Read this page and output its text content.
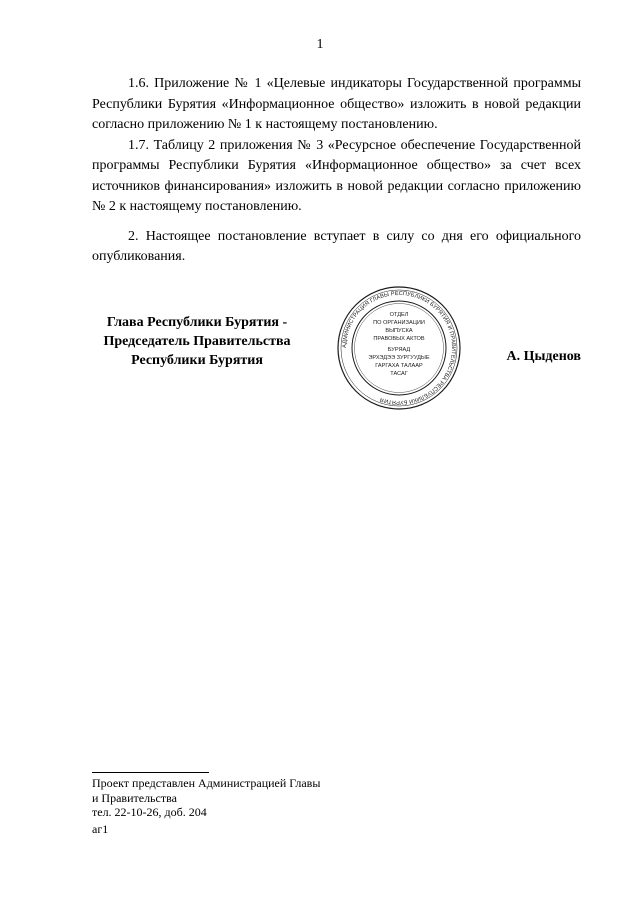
1

1.6. Приложение № 1 «Целевые индикаторы Государственной программы Республики Бурятия «Информационное общество» изложить в новой редакции согласно приложению № 1 к настоящему постановлению.

1.7. Таблицу 2 приложения № 3 «Ресурсное обеспечение Государственной программы Республики Бурятия «Информационное общество» за счет всех источников финансирования» изложить в новой редакции согласно приложению № 2 к настоящему постановлению.

2. Настоящее постановление вступает в силу со дня его официального опубликования.

Глава Республики Бурятия -
Председатель Правительства
Республики Бурятия
АДМИНИСТРАЦИЯ ГЛАВЫ РЕСПУБЛИКИ БУРЯТИЯ И ПРАВИТЕЛЬСТВА РЕСПУБЛИКИ БУРЯТИЯ
ОТДЕЛ
ПО ОРГАНИЗАЦИИ
ВЫПУСКА
ПРАВОВЫХ АКТОВ
БУРЯАД
ЭРХЭДЭЭ ЗУРГУУДЫЕ
ГАРГАХА ТАЛААР
ТАСАГ
А. Цыденов
Проект представлен Администрацией Главы
и Правительства
тел. 22-10-26, доб. 204
аг1
